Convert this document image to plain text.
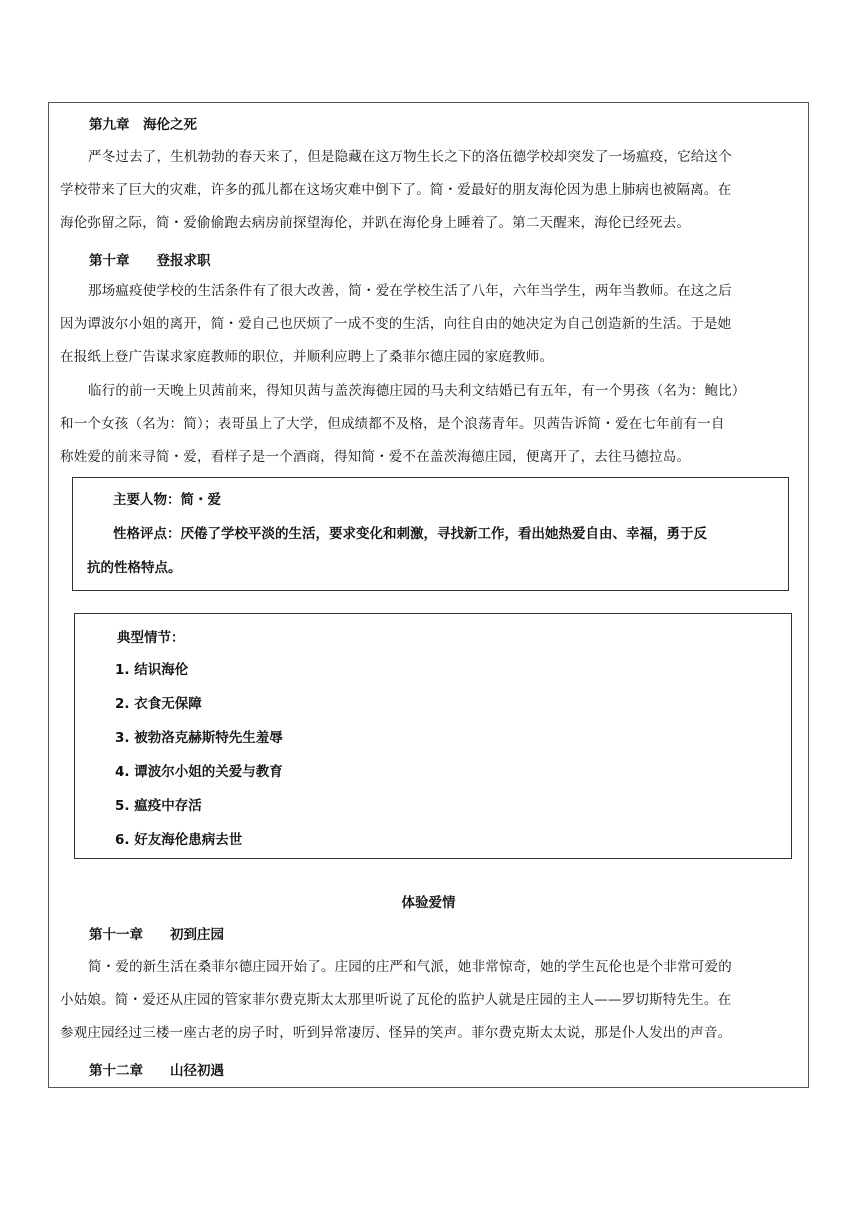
第九章　海伦之死
严冬过去了，生机勃勃的春天来了，但是隐藏在这万物生长之下的洛伍德学校却突发了一场瘟疫，它给这个
学校带来了巨大的灾难，许多的孤儿都在这场灾难中倒下了。简・爱最好的朋友海伦因为患上肺病也被隔离。在
海伦弥留之际，简・爱偷偷跑去病房前探望海伦，并趴在海伦身上睡着了。第二天醒来，海伦已经死去。
第十章　　登报求职
那场瘟疫使学校的生活条件有了很大改善，简・爱在学校生活了八年，六年当学生，两年当教师。在这之后
因为谭波尔小姐的离开，简・爱自己也厌烦了一成不变的生活，向往自由的她决定为自己创造新的生活。于是她
在报纸上登广告谋求家庭教师的职位，并顺利应聘上了桑菲尔德庄园的家庭教师。
临行的前一天晚上贝茜前来，得知贝茜与盖茨海德庄园的马夫利文结婚已有五年，有一个男孩（名为：鲍比）
和一个女孩（名为：简）；表哥虽上了大学，但成绩都不及格，是个浪荡青年。贝茜告诉简・爱在七年前有一自
称姓爱的前来寻简・爱，看样子是一个酒商，得知简・爱不在盖茨海德庄园，便离开了，去往马德拉岛。
主要人物：简・爱
性格评点：厌倦了学校平淡的生活，要求变化和刺激，寻找新工作，看出她热爱自由、幸福，勇于反
抗的性格特点。
典型情节：
1. 结识海伦
2. 衣食无保障
3. 被勃洛克赫斯特先生羞辱
4. 谭波尔小姐的关爱与教育
5. 瘟疫中存活
6. 好友海伦患病去世
体验爱情
第十一章　　初到庄园
简・爱的新生活在桑菲尔德庄园开始了。庄园的庄严和气派，她非常惊奇，她的学生瓦伦也是个非常可爱的
小姑娘。简・爱还从庄园的管家菲尔费克斯太太那里听说了瓦伦的监护人就是庄园的主人——罗切斯特先生。在
参观庄园经过三楼一座古老的房子时，听到异常凄厉、怪异的笑声。菲尔费克斯太太说，那是仆人发出的声音。
第十二章　　山径初遇
